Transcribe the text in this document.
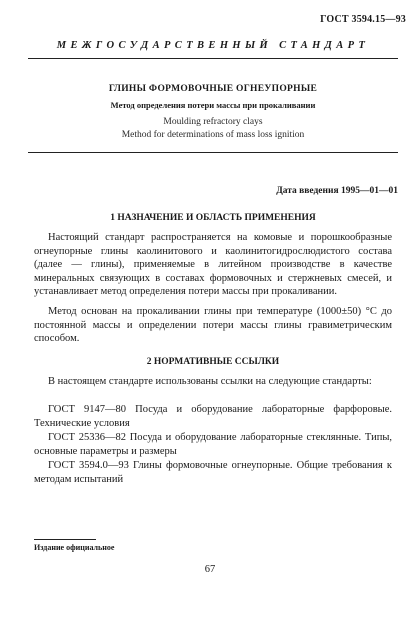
ГОСТ 3594.15—93
МЕЖГОСУДАРСТВЕННЫЙ СТАНДАРТ
ГЛИНЫ ФОРМОВОЧНЫЕ ОГНЕУПОРНЫЕ
Метод определения потери массы при прокаливании
Moulding refractory clays
Method for determinations of mass loss ignition
Дата введения 1995—01—01
1 НАЗНАЧЕНИЕ И ОБЛАСТЬ ПРИМЕНЕНИЯ
Настоящий стандарт распространяется на комовые и порошкообразные огнеупорные глины каолинитового и каолинитогидрослюдистого состава (далее — глины), применяемые в литейном производстве в качестве минеральных связующих в составах формовочных и стержневых смесей, и устанавливает метод определения потери массы при прокаливании.
Метод основан на прокаливании глины при температуре (1000±50) °С до постоянной массы и определении потери массы глины гравиметрическим способом.
2 НОРМАТИВНЫЕ ССЫЛКИ
В настоящем стандарте использованы ссылки на следующие стандарты:
ГОСТ 9147—80 Посуда и оборудование лабораторные фарфоровые. Технические условия
ГОСТ 25336—82 Посуда и оборудование лабораторные стеклянные. Типы, основные параметры и размеры
ГОСТ 3594.0—93 Глины формовочные огнеупорные. Общие требования к методам испытаний
Издание официальное
67
